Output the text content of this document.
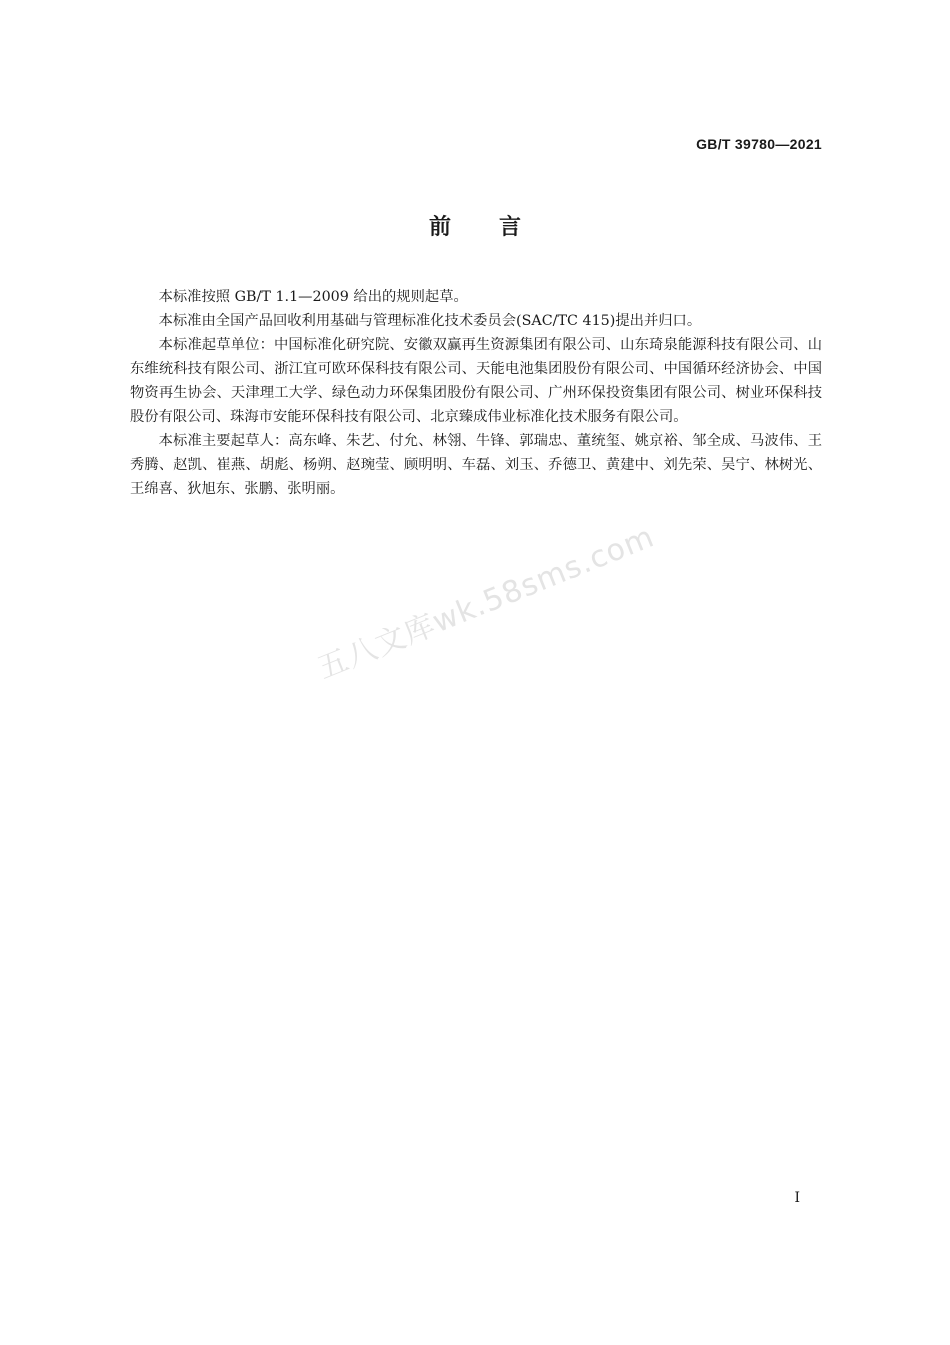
GB/T 39780—2021
前言

本标准按照 GB/T 1.1—2009 给出的规则起草。

本标准由全国产品回收利用基础与管理标准化技术委员会(SAC/TC 415)提出并归口。

本标准起草单位：中国标准化研究院、安徽双赢再生资源集团有限公司、山东琦泉能源科技有限公司、山东维统科技有限公司、浙江宜可欧环保科技有限公司、天能电池集团股份有限公司、中国循环经济协会、中国物资再生协会、天津理工大学、绿色动力环保集团股份有限公司、广州环保投资集团有限公司、树业环保科技股份有限公司、珠海市安能环保科技有限公司、北京臻成伟业标准化技术服务有限公司。

本标准主要起草人：高东峰、朱艺、付允、林翎、牛锋、郭瑞忠、董统玺、姚京裕、邹全成、马波伟、王秀腾、赵凯、崔燕、胡彪、杨朔、赵琬莹、顾明明、车磊、刘玉、乔德卫、黄建中、刘先荣、吴宁、林树光、王绵喜、狄旭东、张鹏、张明丽。

五八文库wk.58sms.com
I
